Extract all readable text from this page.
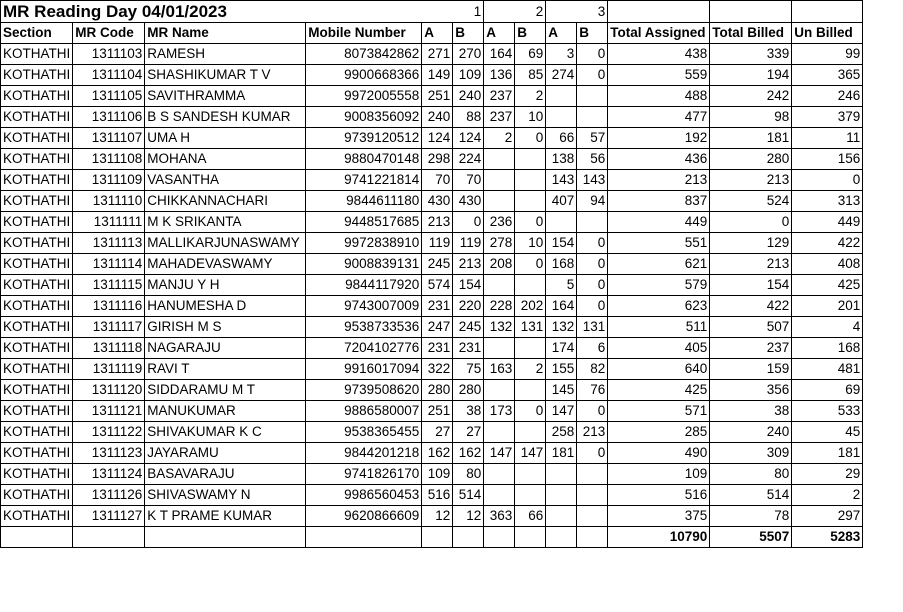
MR Reading Day 04/01/2023					1		2		3			
Section	MR Code	MR Name	Mobile Number	A	B	A	B	A	B	Total Assigned	Total Billed	Un Billed
KOTHATHI	1311103	RAMESH	8073842862	271	270	164	69	3	0	438	339	99
KOTHATHI	1311104	SHASHIKUMAR T V	9900668366	149	109	136	85	274	0	559	194	365
KOTHATHI	1311105	SAVITHRAMMA	9972005558	251	240	237	2			488	242	246
KOTHATHI	1311106	B S SANDESH KUMAR	9008356092	240	88	237	10			477	98	379
KOTHATHI	1311107	UMA H	9739120512	124	124	2	0	66	57	192	181	11
KOTHATHI	1311108	MOHANA	9880470148	298	224			138	56	436	280	156
KOTHATHI	1311109	VASANTHA	9741221814	70	70			143	143	213	213	0
KOTHATHI	1311110	CHIKKANNACHARI	9844611180	430	430			407	94	837	524	313
KOTHATHI	1311111	M K SRIKANTA	9448517685	213	0	236	0			449	0	449
KOTHATHI	1311113	MALLIKARJUNASWAMY	9972838910	119	119	278	10	154	0	551	129	422
KOTHATHI	1311114	MAHADEVASWAMY	9008839131	245	213	208	0	168	0	621	213	408
KOTHATHI	1311115	MANJU Y H	9844117920	574	154			5	0	579	154	425
KOTHATHI	1311116	HANUMESHA D	9743007009	231	220	228	202	164	0	623	422	201
KOTHATHI	1311117	GIRISH M S	9538733536	247	245	132	131	132	131	511	507	4
KOTHATHI	1311118	NAGARAJU	7204102776	231	231			174	6	405	237	168
KOTHATHI	1311119	RAVI T	9916017094	322	75	163	2	155	82	640	159	481
KOTHATHI	1311120	SIDDARAMU M T	9739508620	280	280			145	76	425	356	69
KOTHATHI	1311121	MANUKUMAR	9886580007	251	38	173	0	147	0	571	38	533
KOTHATHI	1311122	SHIVAKUMAR K C	9538365455	27	27			258	213	285	240	45
KOTHATHI	1311123	JAYARAMU	9844201218	162	162	147	147	181	0	490	309	181
KOTHATHI	1311124	BASAVARAJU	9741826170	109	80					109	80	29
KOTHATHI	1311126	SHIVASWAMY N	9986560453	516	514					516	514	2
KOTHATHI	1311127	K T PRAME KUMAR	9620866609	12	12	363	66			375	78	297
										10790	5507	5283
